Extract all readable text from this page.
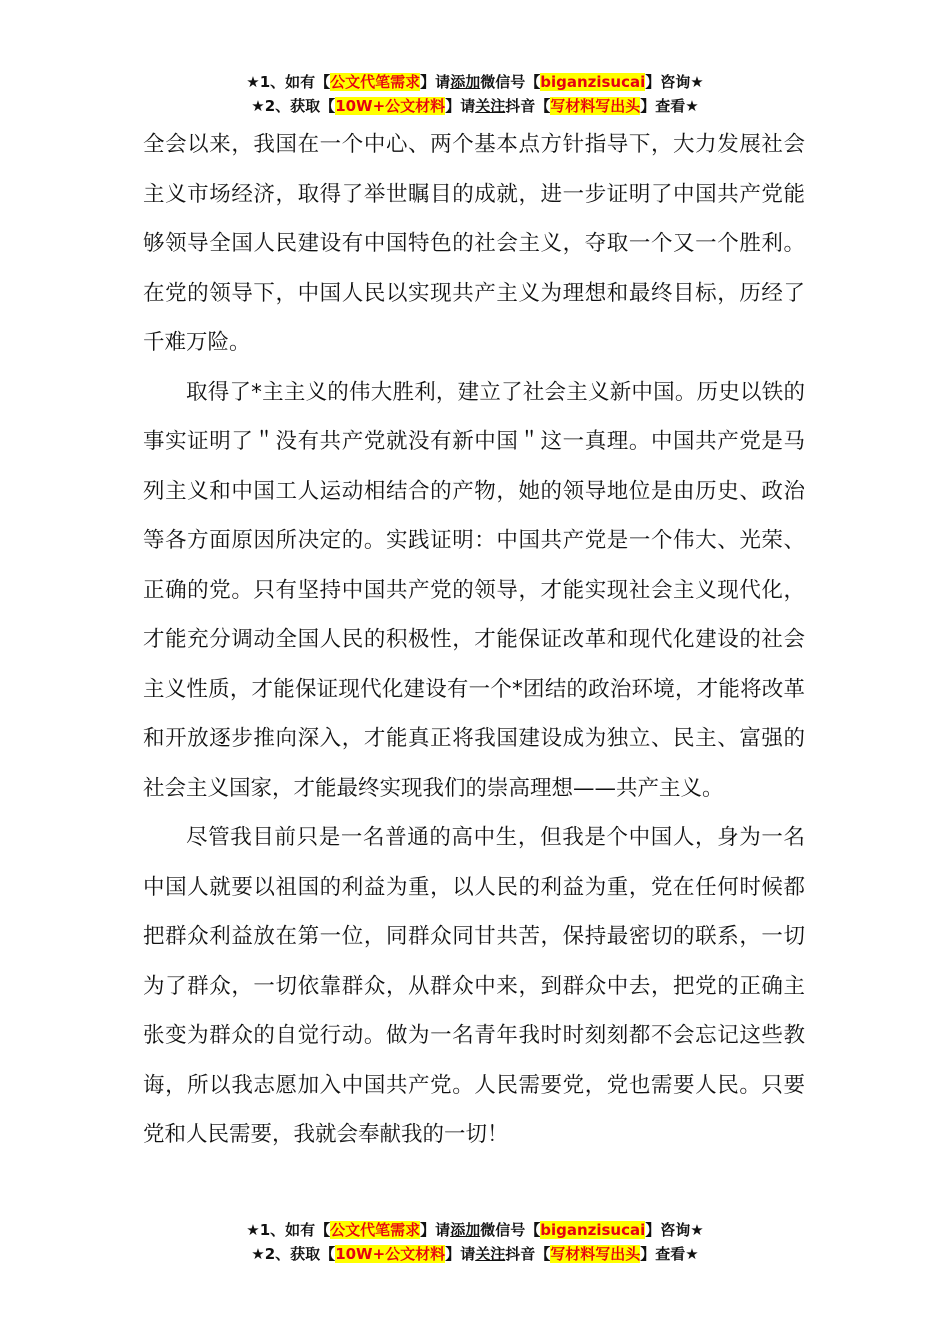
★1、如有【公文代笔需求】请添加微信号【biganzisucai】咨询★
★2、获取【10W+公文材料】请关注抖音【写材料写出头】查看★

全会以来，我国在一个中心、两个基本点方针指导下，大力发展社会主义市场经济，取得了举世瞩目的成就，进一步证明了中国共产党能够领导全国人民建设有中国特色的社会主义，夺取一个又一个胜利。在党的领导下，中国人民以实现共产主义为理想和最终目标，历经了千难万险。

取得了*主主义的伟大胜利，建立了社会主义新中国。历史以铁的事实证明了＂没有共产党就没有新中国＂这一真理。中国共产党是马列主义和中国工人运动相结合的产物，她的领导地位是由历史、政治等各方面原因所决定的。实践证明：中国共产党是一个伟大、光荣、正确的党。只有坚持中国共产党的领导，才能实现社会主义现代化，才能充分调动全国人民的积极性，才能保证改革和现代化建设的社会主义性质，才能保证现代化建设有一个*团结的政治环境，才能将改革和开放逐步推向深入，才能真正将我国建设成为独立、民主、富强的社会主义国家，才能最终实现我们的崇高理想——共产主义。

尽管我目前只是一名普通的高中生，但我是个中国人，身为一名中国人就要以祖国的利益为重，以人民的利益为重，党在任何时候都把群众利益放在第一位，同群众同甘共苦，保持最密切的联系，一切为了群众，一切依靠群众，从群众中来，到群众中去，把党的正确主张变为群众的自觉行动。做为一名青年我时时刻刻都不会忘记这些教诲，所以我志愿加入中国共产党。人民需要党，党也需要人民。只要党和人民需要，我就会奉献我的一切！

★1、如有【公文代笔需求】请添加微信号【biganzisucai】咨询★
★2、获取【10W+公文材料】请关注抖音【写材料写出头】查看★
